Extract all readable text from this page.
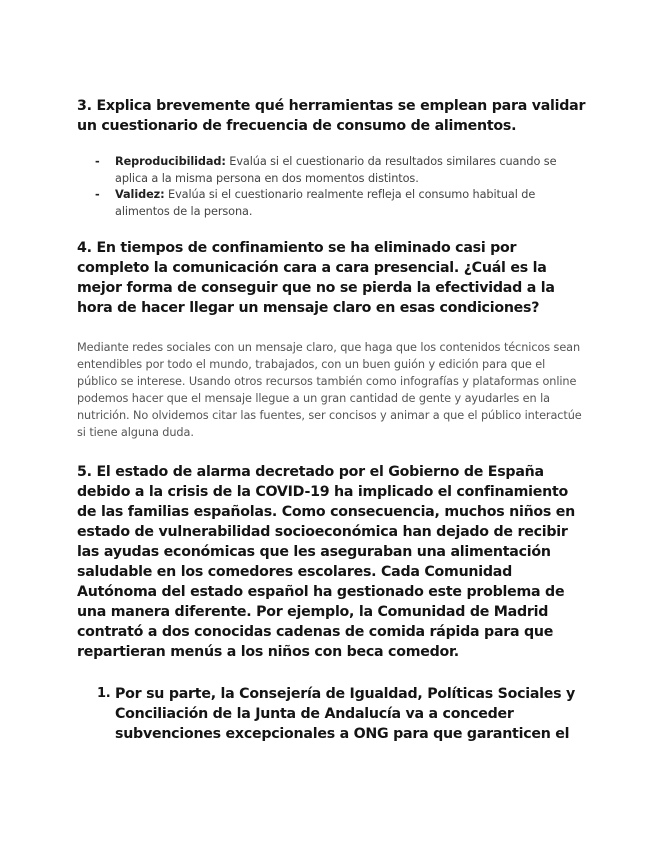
3. Explica brevemente qué herramientas se emplean para validar un cuestionario de frecuencia de consumo de alimentos.
- Reproducibilidad: Evalúa si el cuestionario da resultados similares cuando se aplica a la misma persona en dos momentos distintos.
- Validez: Evalúa si el cuestionario realmente refleja el consumo habitual de alimentos de la persona.
4. En tiempos de confinamiento se ha eliminado casi por completo la comunicación cara a cara presencial. ¿Cuál es la mejor forma de conseguir que no se pierda la efectividad a la hora de hacer llegar un mensaje claro en esas condiciones?

Mediante redes sociales con un mensaje claro, que haga que los contenidos técnicos sean entendibles por todo el mundo, trabajados, con un buen guión y edición para que el público se interese. Usando otros recursos también como infografías y plataformas online podemos hacer que el mensaje llegue a un gran cantidad de gente y ayudarles en la nutrición. No olvidemos citar las fuentes, ser concisos y animar a que el público interactúe si tiene alguna duda.

5. El estado de alarma decretado por el Gobierno de España debido a la crisis de la COVID-19 ha implicado el confinamiento de las familias españolas. Como consecuencia, muchos niños en estado de vulnerabilidad socioeconómica han dejado de recibir las ayudas económicas que les aseguraban una alimentación saludable en los comedores escolares. Cada Comunidad Autónoma del estado español ha gestionado este problema de una manera diferente. Por ejemplo, la Comunidad de Madrid contrató a dos conocidas cadenas de comida rápida para que repartieran menús a los niños con beca comedor.
1. Por su parte, la Consejería de Igualdad, Políticas Sociales y Conciliación de la Junta de Andalucía va a conceder subvenciones excepcionales a ONG para que garanticen el
